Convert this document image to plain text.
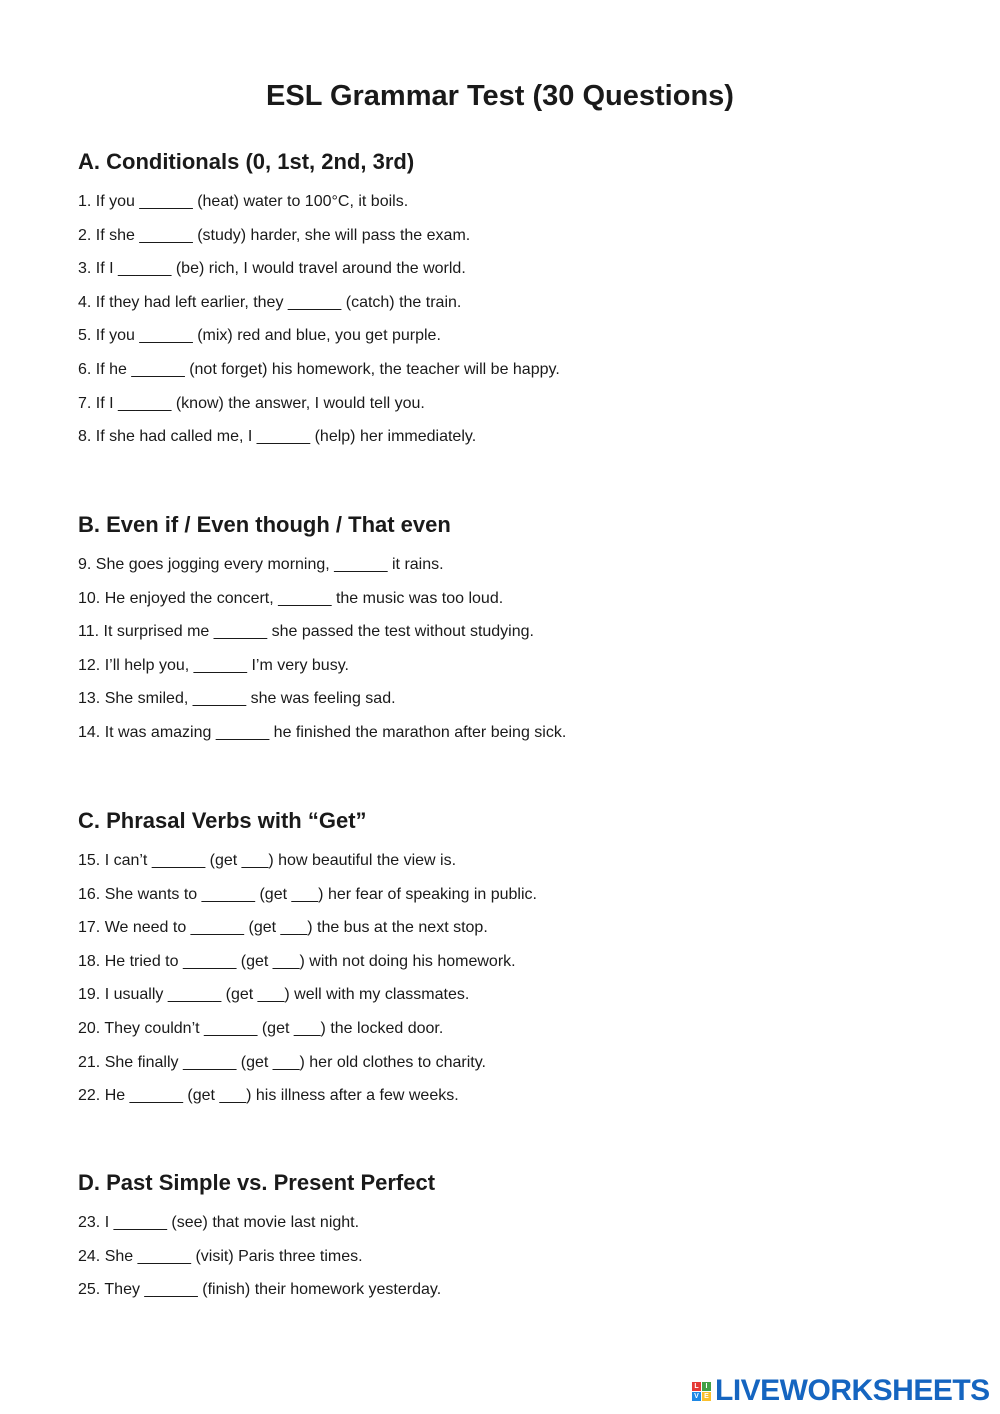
ESL Grammar Test (30 Questions)
A. Conditionals (0, 1st, 2nd, 3rd)
1. If you ______ (heat) water to 100°C, it boils.
2. If she ______ (study) harder, she will pass the exam.
3. If I ______ (be) rich, I would travel around the world.
4. If they had left earlier, they ______ (catch) the train.
5. If you ______ (mix) red and blue, you get purple.
6. If he ______ (not forget) his homework, the teacher will be happy.
7. If I ______ (know) the answer, I would tell you.
8. If she had called me, I ______ (help) her immediately.
B. Even if / Even though / That even
9. She goes jogging every morning, ______ it rains.
10. He enjoyed the concert, ______ the music was too loud.
11. It surprised me ______ she passed the test without studying.
12. I’ll help you, ______ I’m very busy.
13. She smiled, ______ she was feeling sad.
14. It was amazing ______ he finished the marathon after being sick.
C. Phrasal Verbs with “Get”
15. I can’t ______ (get ___) how beautiful the view is.
16. She wants to ______ (get ___) her fear of speaking in public.
17. We need to ______ (get ___) the bus at the next stop.
18. He tried to ______ (get ___) with not doing his homework.
19. I usually ______ (get ___) well with my classmates.
20. They couldn’t ______ (get ___) the locked door.
21. She finally ______ (get ___) her old clothes to charity.
22. He ______ (get ___) his illness after a few weeks.
D. Past Simple vs. Present Perfect
23. I ______ (see) that movie last night.
24. She ______ (visit) Paris three times.
25. They ______ (finish) their homework yesterday.
L I
V E LIVEWORKSHEETS
